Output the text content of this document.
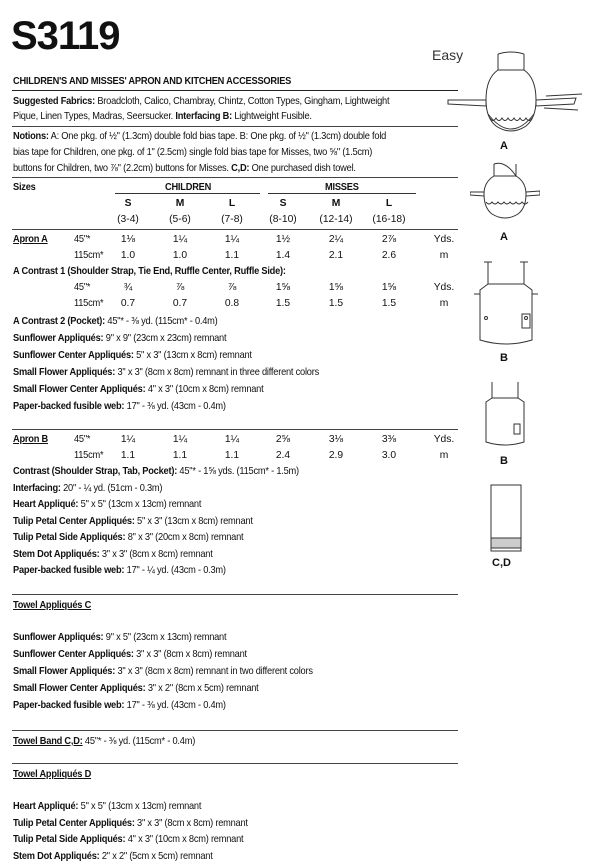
S3119	Easy
CHILDREN'S AND MISSES' APRON AND KITCHEN ACCESSORIES
Suggested Fabrics: Broadcloth, Calico, Chambray, Chintz, Cotton Types, Gingham, Lightweight
Pique, Linen Types, Madras, Seersucker. Interfacing B: Lightweight Fusible.
Notions: A: One pkg. of ½" (1.3cm) double fold bias tape. B: One pkg. of ½" (1.3cm) double fold
bias tape for Children, one pkg. of 1" (2.5cm) single fold bias tape for Misses, two ⅝" (1.5cm)
buttons for Children, two ⅞" (2.2cm) buttons for Misses. C,D: One purchased dish towel.
Sizes	CHILDREN	MISSES
S	M	L	S	M	L
(3-4)	(5-6)	(7-8)	(8-10)	(12-14)	(16-18)
Apron A	45"*	1⅛	1¼	1¼	1½	2¼	2⅞	Yds.
115cm*	1.0	1.0	1.1	1.4	2.1	2.6	m
A Contrast 1 (Shoulder Strap, Tie End, Ruffle Center, Ruffle Side):
45"*	¾	⅞	⅞	1⅝	1⅝	1⅝	Yds.
115cm*	0.7	0.7	0.8	1.5	1.5	1.5	m
A Contrast 2 (Pocket): 45"* - ⅜ yd. (115cm* - 0.4m)
Sunflower Appliqués: 9" x 9" (23cm x 23cm) remnant
Sunflower Center Appliqués: 5" x 3" (13cm x 8cm) remnant
Small Flower Appliqués: 3" x 3" (8cm x 8cm) remnant in three different colors
Small Flower Center Appliqués: 4" x 3" (10cm x 8cm) remnant
Paper-backed fusible web: 17" - ⅜ yd. (43cm - 0.4m)
Apron B	45"*	1¼	1¼	1¼	2⅝	3⅛	3⅜	Yds.
115cm*	1.1	1.1	1.1	2.4	2.9	3.0	m
Contrast (Shoulder Strap, Tab, Pocket): 45"* - 1⅝ yds. (115cm* - 1.5m)
Interfacing: 20" - ¼ yd. (51cm - 0.3m)
Heart Appliqué: 5" x 5" (13cm x 13cm) remnant
Tulip Petal Center Appliqués: 5" x 3" (13cm x 8cm) remnant
Tulip Petal Side Appliqués: 8" x 3" (20cm x 8cm) remnant
Stem Dot Appliqués: 3" x 3" (8cm x 8cm) remnant
Paper-backed fusible web: 17" - ¼ yd. (43cm - 0.3m)
Towel Appliqués C
Sunflower Appliqués: 9" x 5" (23cm x 13cm) remnant
Sunflower Center Appliqués: 3" x 3" (8cm x 8cm) remnant
Small Flower Appliqués: 3" x 3" (8cm x 8cm) remnant in two different colors
Small Flower Center Appliqués: 3" x 2" (8cm x 5cm) remnant
Paper-backed fusible web: 17" - ⅜ yd. (43cm - 0.4m)
Towel Band C,D: 45"* - ⅜ yd. (115cm* - 0.4m)
Towel Appliqués D
Heart Appliqué: 5" x 5" (13cm x 13cm) remnant
Tulip Petal Center Appliqués: 3" x 3" (8cm x 8cm) remnant
Tulip Petal Side Appliqués: 4" x 3" (10cm x 8cm) remnant
Stem Dot Appliqués: 2" x 2" (5cm x 5cm) remnant
A
A
B
B
C,D
